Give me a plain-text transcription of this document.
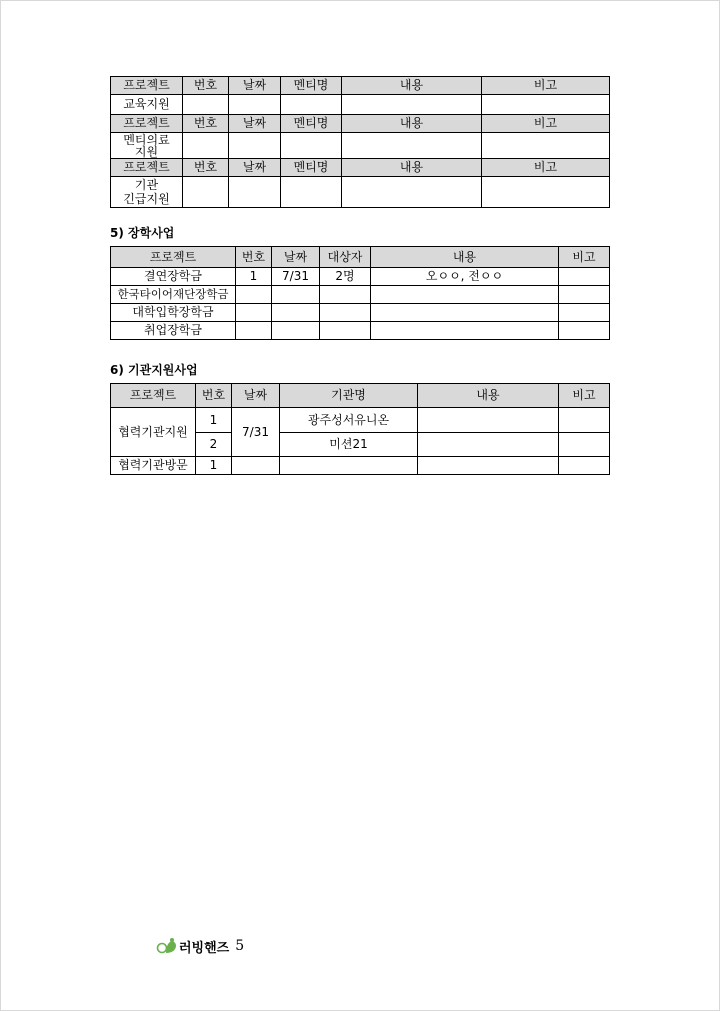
프로젝트	번호	날짜	멘티명	내용	비고
교육지원					
프로젝트	번호	날짜	멘티명	내용	비고

멘티의료
지원					

프로젝트	번호	날짜	멘티명	내용	비고

기관
긴급지원					

5) 장학사업
프로젝트	번호	날짜	대상자	내용	비고
결연장학금	1	7/31	2명	오ㅇㅇ, 전ㅇㅇ	
한국타이어재단장학금					
대학입학장학금					
취업장학금					
6) 기관지원사업
프로젝트	번호	날짜	기관명	내용	비고
협력기관지원	1	7/31	광주성서유니온		
	2		미션21		
협력기관방문	1				
러빙핸즈 5
